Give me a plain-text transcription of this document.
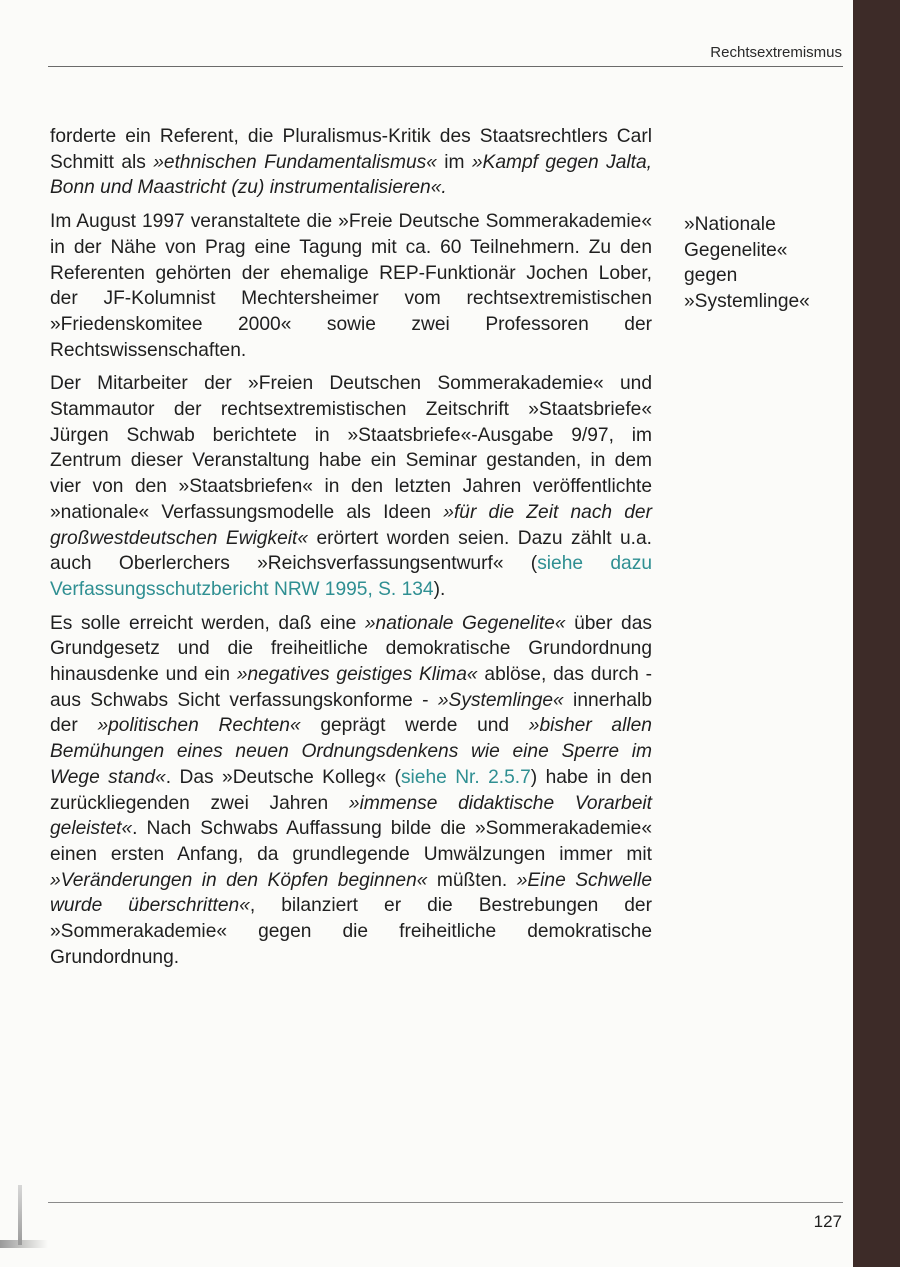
Rechtsextremismus

forderte ein Referent, die Pluralismus-Kritik des Staatsrechtlers Carl Schmitt als »ethnischen Fundamentalismus« im »Kampf gegen Jalta, Bonn und Maastricht (zu) instrumentalisieren«.

Im August 1997 veranstaltete die »Freie Deutsche Sommerakademie« in der Nähe von Prag eine Tagung mit ca. 60 Teilnehmern. Zu den Referenten gehörten der ehemalige REP-Funktionär Jochen Lober, der JF-Kolumnist Mechtersheimer vom rechtsextremistischen »Friedenskomitee 2000« sowie zwei Professoren der Rechtswissenschaften.

Der Mitarbeiter der »Freien Deutschen Sommerakademie« und Stammautor der rechtsextremistischen Zeitschrift »Staatsbriefe« Jürgen Schwab berichtete in »Staatsbriefe«-Ausgabe 9/97, im Zentrum dieser Veranstaltung habe ein Seminar gestanden, in dem vier von den »Staatsbriefen« in den letzten Jahren veröffentlichte »nationale« Verfassungsmodelle als Ideen »für die Zeit nach der großwestdeutschen Ewigkeit« erörtert worden seien. Dazu zählt u.a. auch Oberlerchers »Reichsverfassungsentwurf« (siehe dazu Verfassungsschutzbericht NRW 1995, S. 134).

Es solle erreicht werden, daß eine »nationale Gegenelite« über das Grundgesetz und die freiheitliche demokratische Grundordnung hinausdenke und ein »negatives geistiges Klima« ablöse, das durch - aus Schwabs Sicht verfassungskonforme - »Systemlinge« innerhalb der »politischen Rechten« geprägt werde und »bisher allen Bemühungen eines neuen Ordnungsdenkens wie eine Sperre im Wege stand«. Das »Deutsche Kolleg« (siehe Nr. 2.5.7) habe in den zurückliegenden zwei Jahren »immense didaktische Vorarbeit geleistet«. Nach Schwabs Auffassung bilde die »Sommerakademie« einen ersten Anfang, da grundlegende Umwälzungen immer mit »Veränderungen in den Köpfen beginnen« müßten. »Eine Schwelle wurde überschritten«, bilanziert er die Bestrebungen der »Sommerakademie« gegen die freiheitliche demokratische Grundordnung.

»Nationale
Gegenelite«
gegen
»Systemlinge«
127
